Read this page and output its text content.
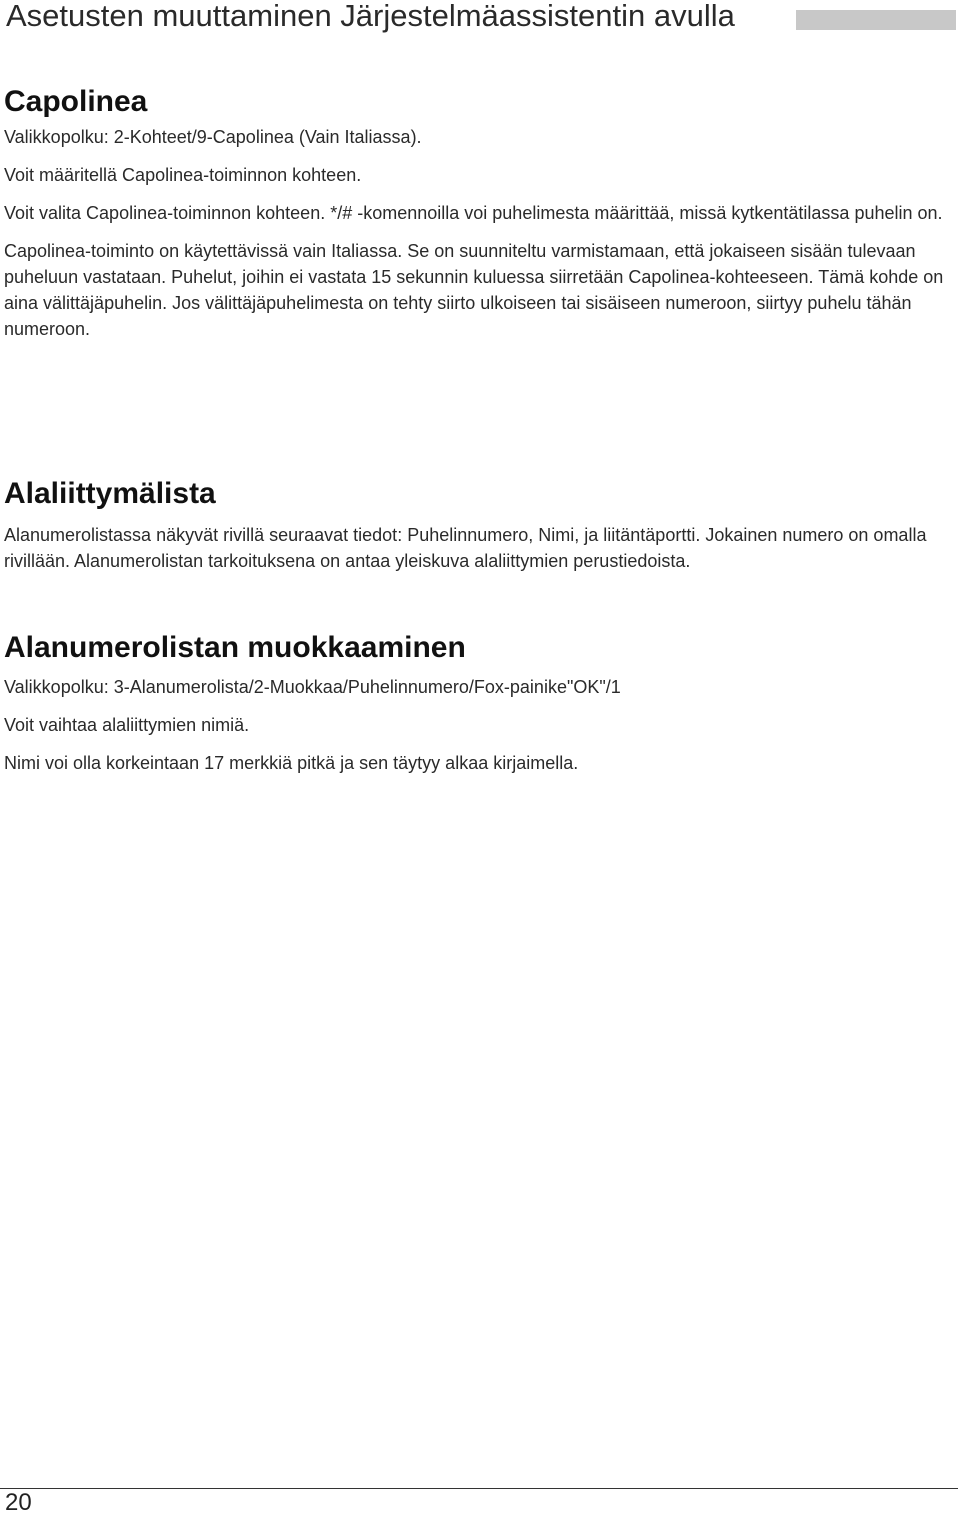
Asetusten muuttaminen Järjestelmäassistentin avulla
Capolinea

Valikkopolku: 2-Kohteet/9-Capolinea (Vain Italiassa).

Voit määritellä Capolinea-toiminnon kohteen.

Voit valita Capolinea-toiminnon kohteen. */# -komennoilla voi puhelimesta määrittää, missä kytkentätilassa puhelin on.

Capolinea-toiminto on käytettävissä vain Italiassa. Se on suunniteltu varmistamaan, että jokaiseen sisään tulevaan puheluun vastataan. Puhelut, joihin ei vastata 15 sekunnin kuluessa siirretään Capolinea-kohteeseen. Tämä kohde on aina välittäjäpuhelin. Jos välittäjäpuhelimesta on tehty siirto ulkoiseen tai sisäiseen numeroon, siirtyy puhelu tähän numeroon.

Alaliittymälista

Alanumerolistassa näkyvät rivillä seuraavat tiedot: Puhelinnumero, Nimi, ja liitäntäportti. Jokainen numero on omalla rivillään. Alanumerolistan tarkoituksena on antaa yleiskuva alaliittymien perustiedoista.

Alanumerolistan muokkaaminen

Valikkopolku: 3-Alanumerolista/2-Muokkaa/Puhelinnumero/Fox-painike"OK"/1

Voit vaihtaa alaliittymien nimiä.

Nimi voi olla korkeintaan 17 merkkiä pitkä ja sen täytyy alkaa kirjaimella.

20
